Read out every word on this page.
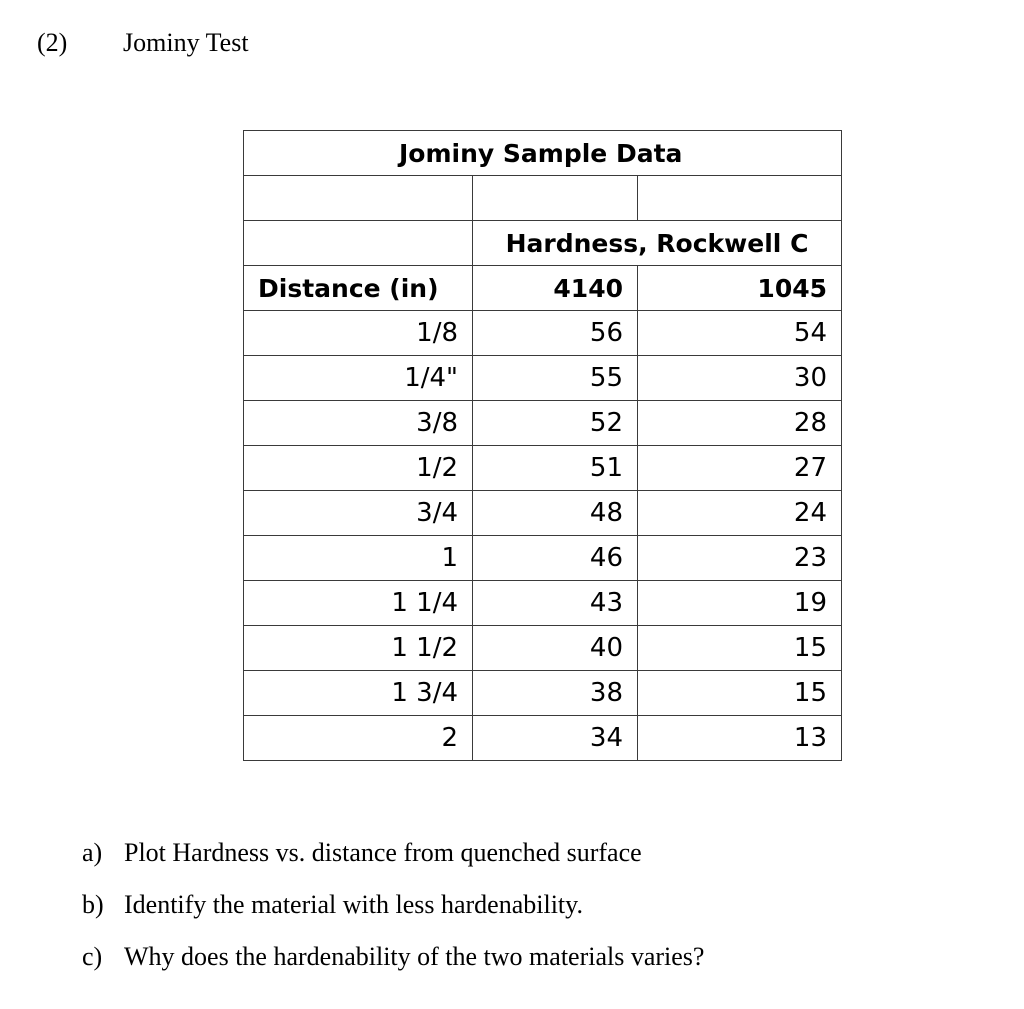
(2) Jominy Test
Jominy Sample Data		

	Hardness, Rockwell C	
Distance (in)	4140	1045
1/8	56	54
1/4"	55	30
3/8	52	28
1/2	51	27
3/4	48	24
1	46	23
1 1/4	43	19
1 1/2	40	15
1 3/4	38	15
2	34	13
a) Plot Hardness vs. distance from quenched surface
b) Identify the material with less hardenability.
c) Why does the hardenability of the two materials varies?
